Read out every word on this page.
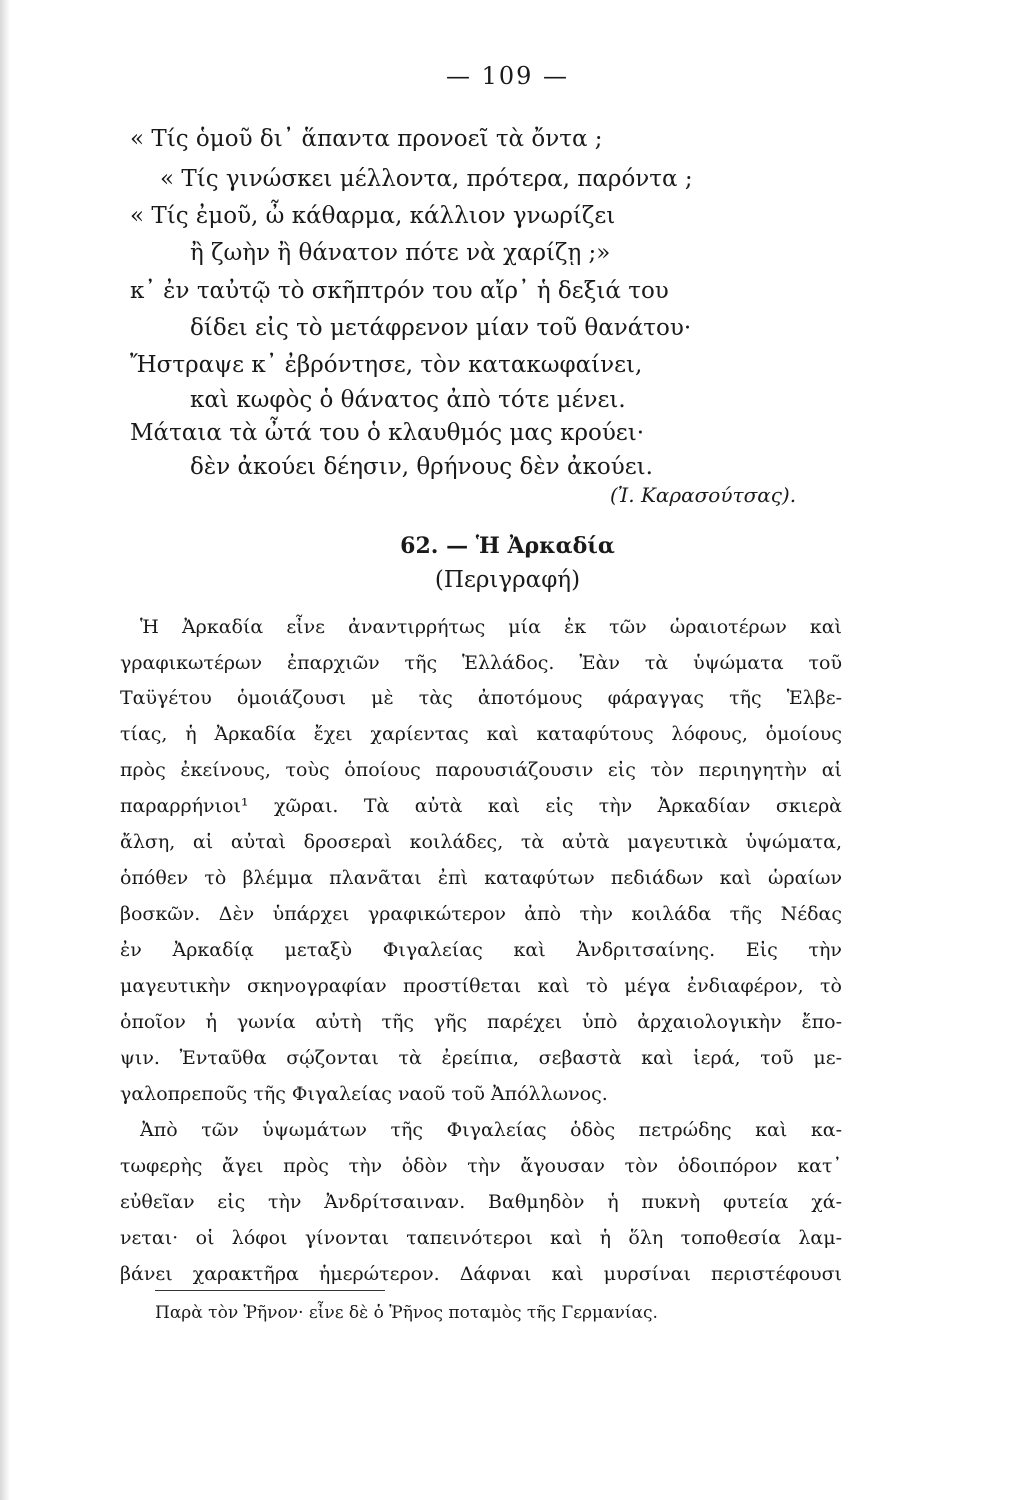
— 109 —
« Τίς ὁμοῦ δι᾽ ἅπαντα προνοεῖ τὰ ὄντα ;
« Τίς γινώσκει μέλλοντα, πρότερα, παρόντα ;
« Τίς ἐμοῦ, ὦ κάθαρμα, κάλλιον γνωρίζει
ἢ ζωὴν ἢ θάνατον πότε νὰ χαρίζῃ ;»
κ᾽ ἐν ταὐτῷ τὸ σκῆπτρόν του αἴρ᾽ ἡ δεξιά του
δίδει εἰς τὸ μετάφρενον μίαν τοῦ θανάτου·
Ἤστραψε κ᾽ ἐβρόντησε, τὸν κατακωφαίνει,
καὶ κωφὸς ὁ θάνατος ἀπὸ τότε μένει.
Μάταια τὰ ὦτά του ὁ κλαυθμός μας κρούει·
δὲν ἀκούει δέησιν, θρήνους δὲν ἀκούει.
(Ἰ. Καρασούτσας).
62. — Ἡ Ἀρκαδία
(Περιγραφή)
Ἡ Ἀρκαδία εἶνε ἀναντιρρήτως μία ἐκ τῶν ὡραιοτέρων καὶ
γραφικωτέρων ἐπαρχιῶν τῆς Ἑλλάδος. Ἐὰν τὰ ὑψώματα τοῦ
Ταϋγέτου ὁμοιάζουσι μὲ τὰς ἀποτόμους φάραγγας τῆς Ἑλβε-
τίας, ἡ Ἀρκαδία ἔχει χαρίεντας καὶ καταφύτους λόφους, ὁμοίους
πρὸς ἐκείνους, τοὺς ὁποίους παρουσιάζουσιν εἰς τὸν περιηγητὴν αἱ
παραρρήνιοι¹ χῶραι. Τὰ αὐτὰ καὶ εἰς τὴν Ἀρκαδίαν σκιερὰ
ἄλση, αἱ αὐταὶ δροσεραὶ κοιλάδες, τὰ αὐτὰ μαγευτικὰ ὑψώματα,
ὁπόθεν τὸ βλέμμα πλανᾶται ἐπὶ καταφύτων πεδιάδων καὶ ὡραίων
βοσκῶν. Δὲν ὑπάρχει γραφικώτερον ἀπὸ τὴν κοιλάδα τῆς Νέδας
ἐν Ἀρκαδίᾳ μεταξὺ Φιγαλείας καὶ Ἀνδριτσαίνης. Εἰς τὴν
μαγευτικὴν σκηνογραφίαν προστίθεται καὶ τὸ μέγα ἐνδιαφέρον, τὸ
ὁποῖον ἡ γωνία αὐτὴ τῆς γῆς παρέχει ὑπὸ ἀρχαιολογικὴν ἔπο-
ψιν. Ἐνταῦθα σῴζονται τὰ ἐρείπια, σεβαστὰ καὶ ἱερά, τοῦ με-
γαλοπρεποῦς τῆς Φιγαλείας ναοῦ τοῦ Ἀπόλλωνος.
Ἀπὸ τῶν ὑψωμάτων τῆς Φιγαλείας ὁδὸς πετρώδης καὶ κα-
τωφερὴς ἄγει πρὸς τὴν ὁδὸν τὴν ἄγουσαν τὸν ὁδοιπόρον κατ᾽
εὐθεῖαν εἰς τὴν Ἀνδρίτσαιναν. Βαθμηδὸν ἡ πυκνὴ φυτεία χά-
νεται· οἱ λόφοι γίνονται ταπεινότεροι καὶ ἡ ὅλη τοποθεσία λαμ-
βάνει χαρακτῆρα ἡμερώτερον. Δάφναι καὶ μυρσίναι περιστέφουσι
Παρὰ τὸν Ῥῆνον· εἶνε δὲ ὁ Ῥῆνος ποταμὸς τῆς Γερμανίας.
